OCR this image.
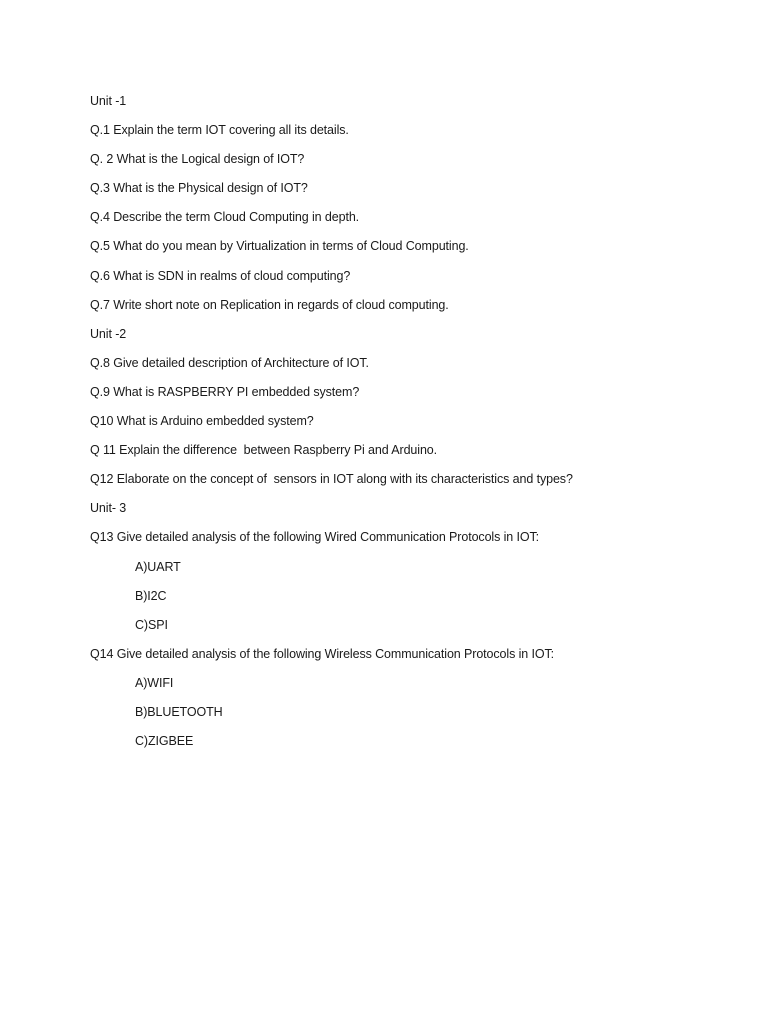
Unit -1
Q.1 Explain the term IOT covering all its details.
Q. 2 What is the Logical design of IOT?
Q.3 What is the Physical design of IOT?
Q.4 Describe the term Cloud Computing in depth.
Q.5 What do you mean by Virtualization in terms of Cloud Computing.
Q.6 What is SDN in realms of cloud computing?
Q.7 Write short note on Replication in regards of cloud computing.
Unit -2
Q.8 Give detailed description of Architecture of IOT.
Q.9 What is RASPBERRY PI embedded system?
Q10 What is Arduino embedded system?
Q 11 Explain the difference  between Raspberry Pi and Arduino.
Q12 Elaborate on the concept of  sensors in IOT along with its characteristics and types?
Unit- 3
Q13 Give detailed analysis of the following Wired Communication Protocols in IOT:
A)UART
B)I2C
C)SPI
Q14 Give detailed analysis of the following Wireless Communication Protocols in IOT:
A)WIFI
B)BLUETOOTH
C)ZIGBEE
